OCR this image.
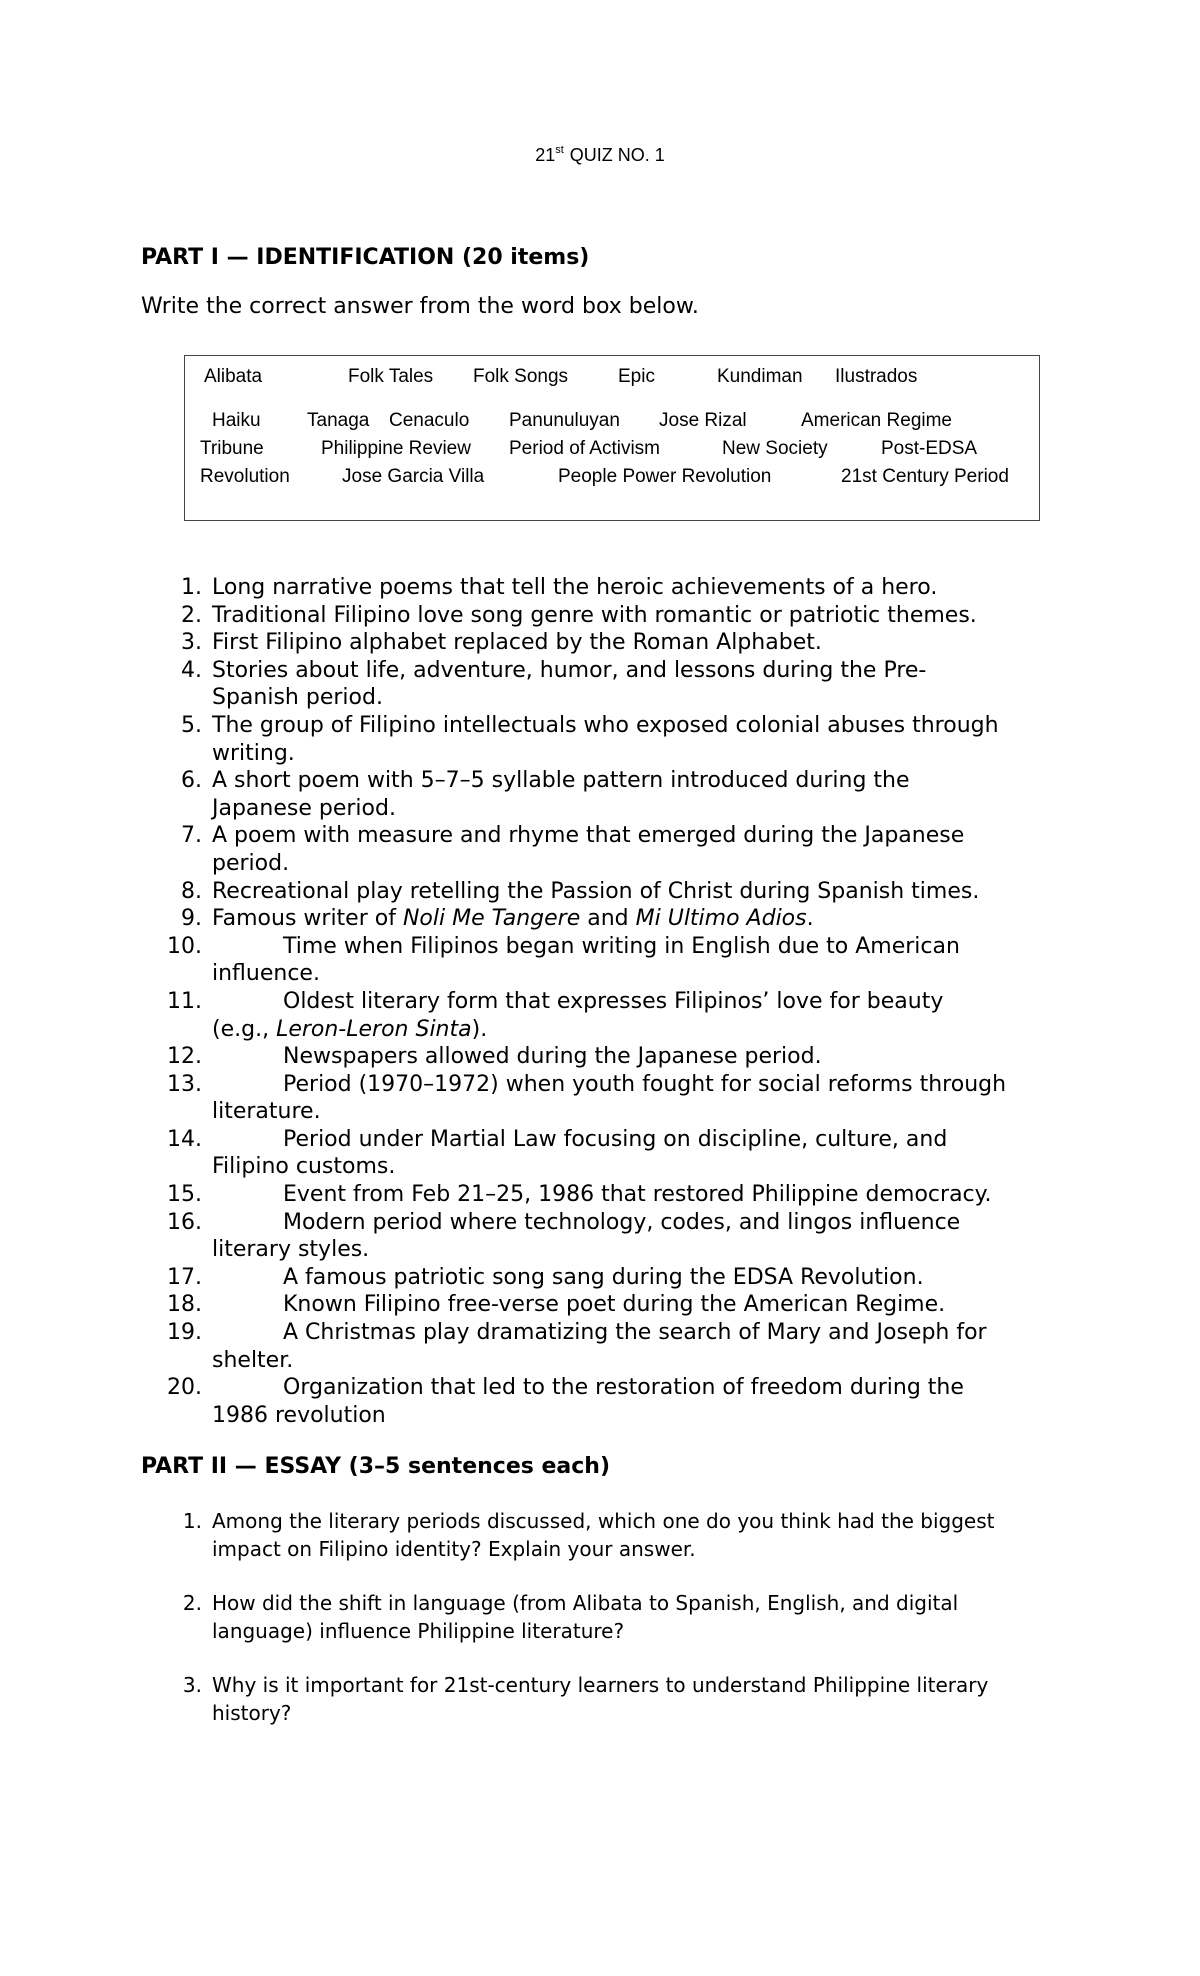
21st QUIZ NO. 1
PART I — IDENTIFICATION (20 items)
Write the correct answer from the word box below.
Alibata	Folk Tales Folk Songs	Epic	Kundiman Ilustrados
Haiku Tanaga Cenaculo Panunuluyan Jose Rizal	American Regime
Tribune	Philippine Review Period of Activism	New Society	Post-EDSA
Revolution	Jose Garcia Villa	People Power Revolution	21st Century Period
1. Long narrative poems that tell the heroic achievements of a hero.
2. Traditional Filipino love song genre with romantic or patriotic themes.
3. First Filipino alphabet replaced by the Roman Alphabet.
4. Stories about life, adventure, humor, and lessons during the Pre-
Spanish period.
5. The group of Filipino intellectuals who exposed colonial abuses through
writing.
6. A short poem with 5–7–5 syllable pattern introduced during the
Japanese period.
7. A poem with measure and rhyme that emerged during the Japanese
period.
8. Recreational play retelling the Passion of Christ during Spanish times.
9. Famous writer of Noli Me Tangere and Mi Ultimo Adios.
10.	Time when Filipinos began writing in English due to American
influence.
11.	Oldest literary form that expresses Filipinos’ love for beauty
(e.g., Leron-Leron Sinta).
12.	Newspapers allowed during the Japanese period.
13.	Period (1970–1972) when youth fought for social reforms through
literature.
14.	Period under Martial Law focusing on discipline, culture, and
Filipino customs.
15.	Event from Feb 21–25, 1986 that restored Philippine democracy.
16.	Modern period where technology, codes, and lingos influence
literary styles.
17.	A famous patriotic song sang during the EDSA Revolution.
18.	Known Filipino free-verse poet during the American Regime.
19.	A Christmas play dramatizing the search of Mary and Joseph for
shelter.
20.	Organization that led to the restoration of freedom during the
1986 revolution
PART II — ESSAY (3–5 sentences each)
1. Among the literary periods discussed, which one do you think had the biggest
impact on Filipino identity? Explain your answer.
2. How did the shift in language (from Alibata to Spanish, English, and digital
language) influence Philippine literature?
3. Why is it important for 21st-century learners to understand Philippine literary
history?
